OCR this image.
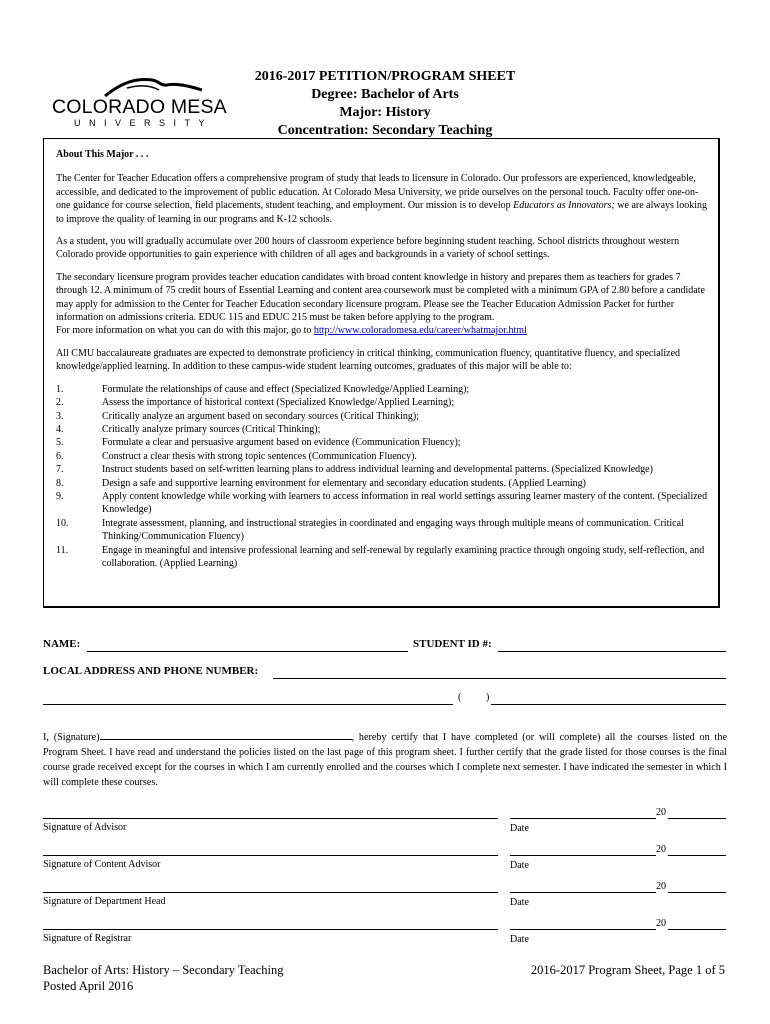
COLORADO MESA
UNIVERSITY
2016-2017 PETITION/PROGRAM SHEET
Degree: Bachelor of Arts
Major: History
Concentration: Secondary Teaching
About This Major . . .

The Center for Teacher Education offers a comprehensive program of study that leads to licensure in Colorado. Our professors are experienced, knowledgeable, accessible, and dedicated to the improvement of public education. At Colorado Mesa University, we pride ourselves on the personal touch. Faculty offer one-on-one guidance for course selection, field placements, student teaching, and employment. Our mission is to develop Educators as Innovators; we are always looking to improve the quality of learning in our programs and K-12 schools.

As a student, you will gradually accumulate over 200 hours of classroom experience before beginning student teaching. School districts throughout western Colorado provide opportunities to gain experience with children of all ages and backgrounds in a variety of school settings.

The secondary licensure program provides teacher education candidates with broad content knowledge in history and prepares them as teachers for grades 7 through 12. A minimum of 75 credit hours of Essential Learning and content area coursework must be completed with a minimum GPA of 2.80 before a candidate may apply for admission to the Center for Teacher Education secondary licensure program. Please see the Teacher Education Admission Packet for further information on admissions criteria. EDUC 115 and EDUC 215 must be taken before applying to the program.

For more information on what you can do with this major, go to http://www.coloradomesa.edu/career/whatmajor.html

All CMU baccalaureate graduates are expected to demonstrate proficiency in critical thinking, communication fluency, quantitative fluency, and specialized knowledge/applied learning. In addition to these campus-wide student learning outcomes, graduates of this major will be able to:

1.	Formulate the relationships of cause and effect (Specialized Knowledge/Applied Learning);
2.	Assess the importance of historical context (Specialized Knowledge/Applied Learning);
3.	Critically analyze an argument based on secondary sources (Critical Thinking);
4.	Critically analyze primary sources (Critical Thinking);
5.	Formulate a clear and persuasive argument based on evidence (Communication Fluency);
6.	Construct a clear thesis with strong topic sentences (Communication Fluency).
7.	Instruct students based on self-written learning plans to address individual learning and developmental patterns. (Specialized Knowledge)
8.	Design a safe and supportive learning environment for elementary and secondary education students. (Applied Learning)
9.	Apply content knowledge while working with learners to access information in real world settings assuring learner mastery of the content. (Specialized Knowledge)
10.	Integrate assessment, planning, and instructional strategies in coordinated and engaging ways through multiple means of communication. Critical Thinking/Communication Fluency)
11.	Engage in meaningful and intensive professional learning and self-renewal by regularly examining practice through ongoing study, self-reflection, and collaboration. (Applied Learning)
NAME:	STUDENT ID #:
LOCAL ADDRESS AND PHONE NUMBER:
( )
I, (Signature)	, hereby certify that I have completed (or will complete) all the courses listed on the Program Sheet. I have read and understand the policies listed on the last page of this program sheet. I further certify that the grade listed for those courses is the final course grade received except for the courses in which I am currently enrolled and the courses which I complete next semester. I have indicated the semester in which I will complete these courses.
Signature of Advisor
20
Date
Signature of Content Advisor
20
Date
Signature of Department Head
20
Date
Signature of Registrar
20
Date
Bachelor of Arts: History – Secondary Teaching
Posted April 2016
2016-2017 Program Sheet, Page 1 of 5
